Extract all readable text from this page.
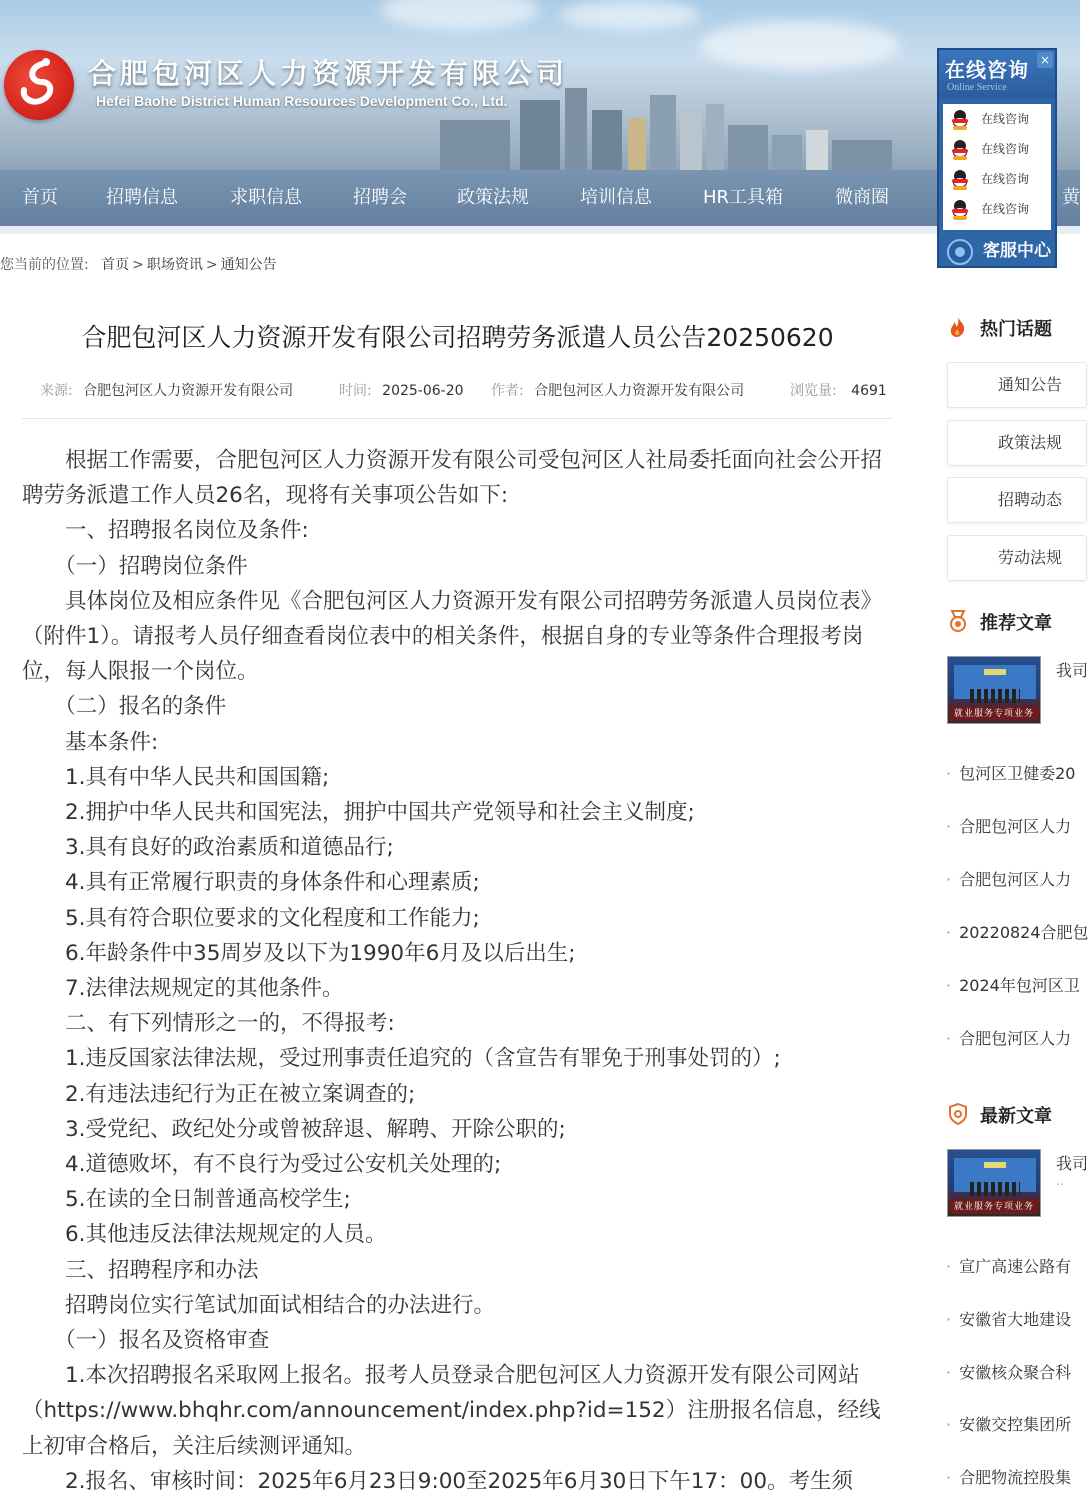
合肥包河区人力资源开发有限公司
Hefei Baohe District Human Resources Development Co., Ltd.
首页	招聘信息	求职信息	招聘会	政策法规	培训信息	HR工具箱	微商圈	黄
在线咨询
Online Service
×
在线咨询
在线咨询
在线咨询
在线咨询
客服中心
您当前的位置: 首页 > 职场资讯 > 通知公告
合肥包河区人力资源开发有限公司招聘劳务派遣人员公告20250620
来源: 合肥包河区人力资源开发有限公司	时间: 2025-06-20 作者: 合肥包河区人力资源开发有限公司	浏览量: 4691

　　根据工作需要，合肥包河区人力资源开发有限公司受包河区人社局委托面向社会公开招聘劳务派遣工作人员26名，现将有关事项公告如下:

　　一、招聘报名岗位及条件:

　　（一）招聘岗位条件

　　具体岗位及相应条件见《合肥包河区人力资源开发有限公司招聘劳务派遣人员岗位表》（附件1）。请报考人员仔细查看岗位表中的相关条件，根据自身的专业等条件合理报考岗位，每人限报一个岗位。

　　（二）报名的条件

　　基本条件:

　　1.具有中华人民共和国国籍;

　　2.拥护中华人民共和国宪法，拥护中国共产党领导和社会主义制度;

　　3.具有良好的政治素质和道德品行;

　　4.具有正常履行职责的身体条件和心理素质;

　　5.具有符合职位要求的文化程度和工作能力;

　　6.年龄条件中35周岁及以下为1990年6月及以后出生;

　　7.法律法规规定的其他条件。

　　二、有下列情形之一的，不得报考:

　　1.违反国家法律法规，受过刑事责任追究的（含宣告有罪免于刑事处罚的）;

　　2.有违法违纪行为正在被立案调查的;

　　3.受党纪、政纪处分或曾被辞退、解聘、开除公职的;

　　4.道德败坏，有不良行为受过公安机关处理的;

　　5.在读的全日制普通高校学生;

　　6.其他违反法律法规规定的人员。

　　三、招聘程序和办法

　　招聘岗位实行笔试加面试相结合的办法进行。

　　（一）报名及资格审查

　　1.本次招聘报名采取网上报名。报考人员登录合肥包河区人力资源开发有限公司网站（https://www.bhqhr.com/announcement/index.php?id=152）注册报名信息，经线上初审合格后，关注后续测评通知。

　　2.报名、审核时间：2025年6月23日9:00至2025年6月30日下午17：00。考生须

热门话题
通知公告
政策法规
招聘动态
劳动法规
推荐文章
就业服务专项业务
我司
· 包河区卫健委20
· 合肥包河区人力
· 合肥包河区人力
· 20220824合肥包
· 2024年包河区卫
· 合肥包河区人力
最新文章
就业服务专项业务
我司
..
· 宣广高速公路有
· 安徽省大地建设
· 安徽核众聚合科
· 安徽交控集团所
· 合肥物流控股集
